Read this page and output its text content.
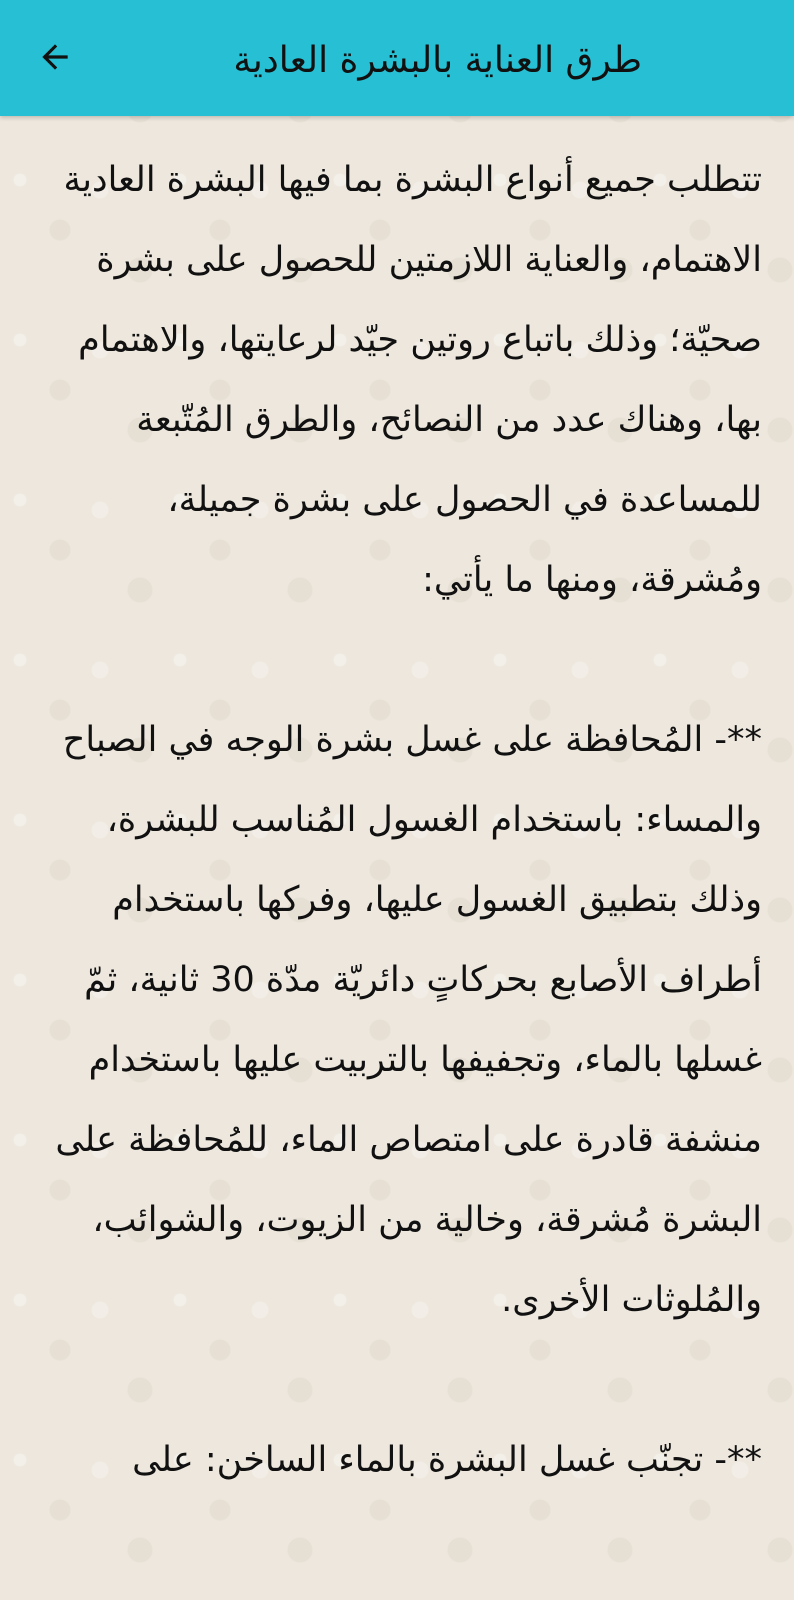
طرق العناية بالبشرة العادية

تتطلب جميع أنواع البشرة بما فيها البشرة العادية الاهتمام، والعناية اللازمتين للحصول على بشرة صحيّة؛ وذلك باتباع روتين جيّد لرعايتها، والاهتمام بها، وهناك عدد من النصائح، والطرق المُتّبعة للمساعدة في الحصول على بشرة جميلة، ومُشرقة، ومنها ما يأتي:

**- المُحافظة على غسل بشرة الوجه في الصباح والمساء: باستخدام الغسول المُناسب للبشرة، وذلك بتطبيق الغسول عليها، وفركها باستخدام أطراف الأصابع بحركاتٍ دائريّة مدّة 30 ثانية، ثمّ غسلها بالماء، وتجفيفها بالتربيت عليها باستخدام منشفة قادرة على امتصاص الماء، للمُحافظة على البشرة مُشرقة، وخالية من الزيوت، والشوائب، والمُلوثات الأخرى.

**- تجنّب غسل البشرة بالماء الساخن: على
